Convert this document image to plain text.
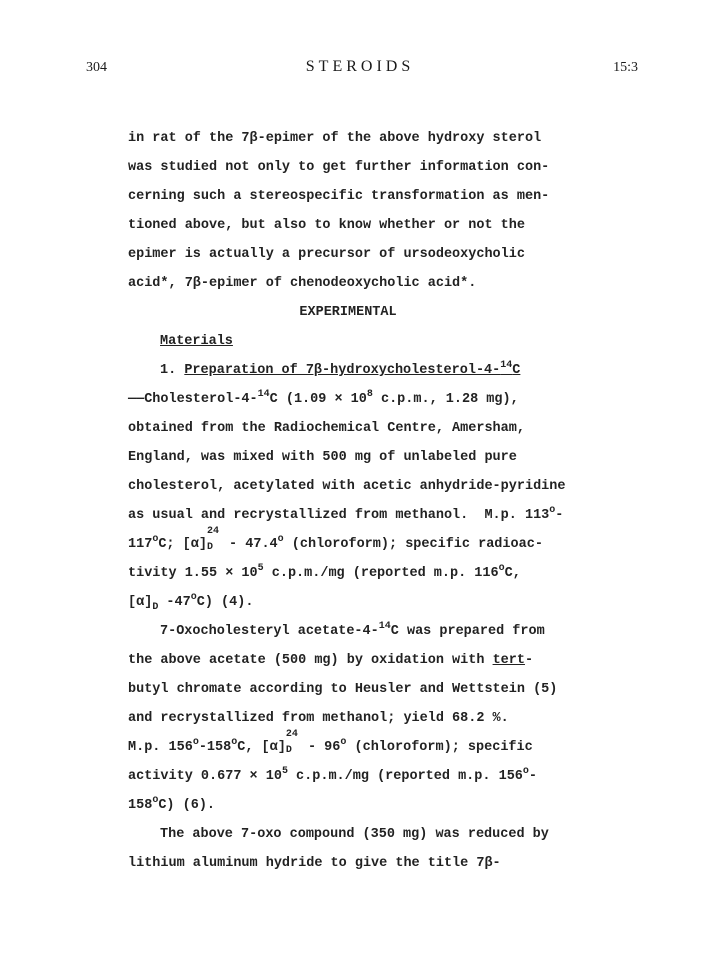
304	STEROIDS	15:3
in rat of the 7β-epimer of the above hydroxy sterol
was studied not only to get further information con-
cerning such a stereospecific transformation as men-
tioned above, but also to know whether or not the
epimer is actually a precursor of ursodeoxycholic
acid*, 7β-epimer of chenodeoxycholic acid*.
EXPERIMENTAL
Materials
1. Preparation of 7β-hydroxycholesterol-4-$^{14}$C
——Cholesterol-4-$^{14}$C ($1.09 \times 10^8$ c.p.m., 1.28 mg),
obtained from the Radiochemical Centre, Amersham,
England, was mixed with 500 mg of unlabeled pure
cholesterol, acetylated with acetic anhydride-pyridine
as usual and recrystallized from methanol.  M.p. 113$^o$-
117$^o$C; [α]
24
D - 47.4$^o$ (chloroform); specific radioac-
tivity $1.55 \times 10^5$ c.p.m./mg (reported m.p. 116$^o$C,
$[\alpha]_D$ -47$^o$C) (4).
7-Oxocholesteryl acetate-4-$^{14}$C was prepared from
the above acetate (500 mg) by oxidation with tert-
butyl chromate according to Heusler and Wettstein (5)
and recrystallized from methanol; yield 68.2 %.
M.p. 156$^o$-158$^o$C, [α]
24
D - 96$^o$ (chloroform); specific
activity $0.677 \times 10^5$ c.p.m./mg (reported m.p. 156$^o$-
158$^o$C) (6).
The above 7-oxo compound (350 mg) was reduced by
lithium aluminum hydride to give the title 7β-
